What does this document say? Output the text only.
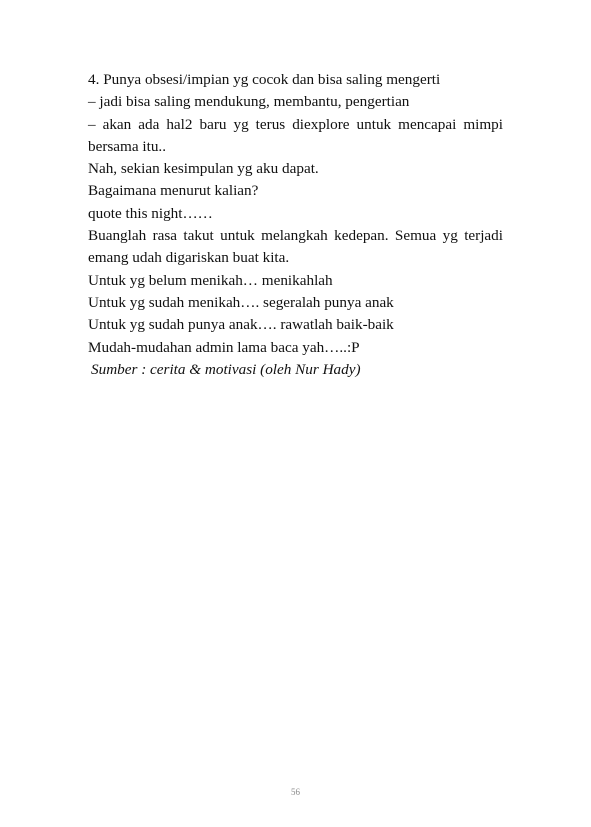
4. Punya obsesi/impian yg cocok dan bisa saling mengerti

– jadi bisa saling mendukung, membantu, pengertian

– akan ada hal2 baru yg terus diexplore untuk mencapai mimpi bersama itu..

Nah, sekian kesimpulan yg aku dapat.

Bagaimana menurut kalian?

quote this night……

Buanglah rasa takut untuk melangkah kedepan. Semua yg terjadi emang udah digariskan buat kita.

Untuk yg belum menikah… menikahlah

Untuk yg sudah menikah…. segeralah punya anak

Untuk yg sudah punya anak…. rawatlah baik-baik

Mudah-mudahan admin lama baca yah…..:P

Sumber : cerita & motivasi (oleh Nur Hady)

56
